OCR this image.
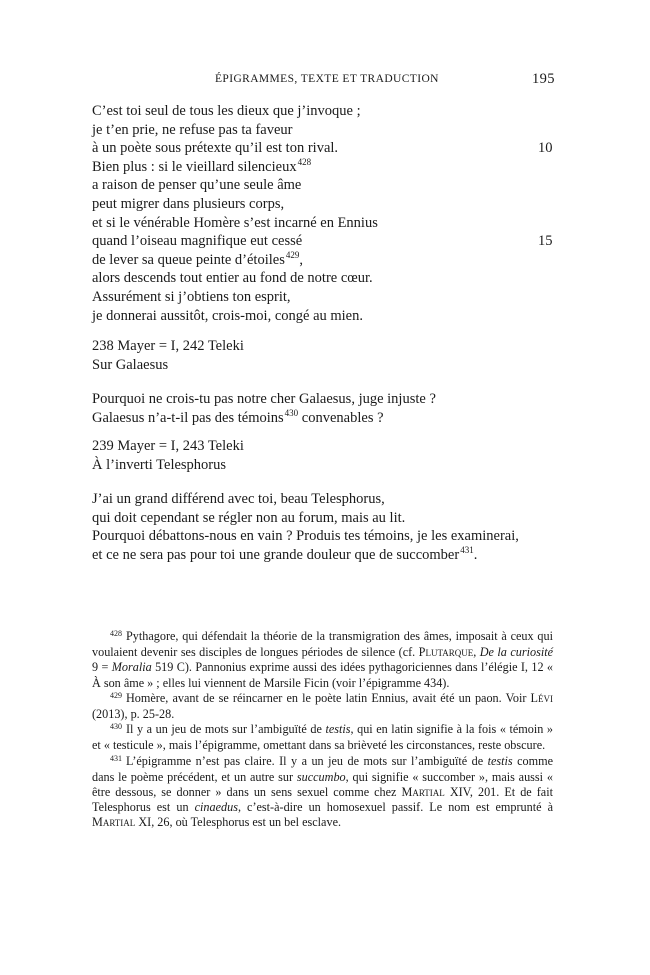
ÉPIGRAMMES, TEXTE ET TRADUCTION	195
C’est toi seul de tous les dieux que j’invoque ;
je t’en prie, ne refuse pas ta faveur
à un poète sous prétexte qu’il est ton rival.	10
Bien plus : si le vieillard silencieux$^{428}$
a raison de penser qu’une seule âme
peut migrer dans plusieurs corps,
et si le vénérable Homère s’est incarné en Ennius
quand l’oiseau magnifique eut cessé	15
de lever sa queue peinte d’étoiles$^{429}$,
alors descends tout entier au fond de notre cœur.
Assurément si j’obtiens ton esprit,
je donnerai aussitôt, crois-moi, congé au mien.
238 Mayer = I, 242 Teleki
Sur Galaesus
Pourquoi ne crois-tu pas notre cher Galaesus, juge injuste ?
Galaesus n’a-t-il pas des témoins$^{430}$ convenables ?
239 Mayer = I, 243 Teleki
À l’inverti Telesphorus
J’ai un grand différend avec toi, beau Telesphorus,
qui doit cependant se régler non au forum, mais au lit.
Pourquoi débattons-nous en vain ? Produis tes témoins, je les examinerai,
et ce ne sera pas pour toi une grande douleur que de succomber$^{431}$.

$^{428}$ Pythagore, qui défendait la théorie de la transmigration des âmes, imposait à ceux qui voulaient devenir ses disciples de longues périodes de silence (cf. Plutarque, De la curiosité 9 = Moralia 519 C). Pannonius exprime aussi des idées pythagoriciennes dans l’élégie I, 12 « À son âme » ; elles lui viennent de Marsile Ficin (voir l’épigramme 434).

$^{429}$ Homère, avant de se réincarner en le poète latin Ennius, avait été un paon. Voir Lévi (2013), p. 25-28.

$^{430}$ Il y a un jeu de mots sur l’ambiguïté de testis, qui en latin signifie à la fois « témoin » et « testicule », mais l’épigramme, omettant dans sa brièveté les circonstances, reste obscure.

$^{431}$ L’épigramme n’est pas claire. Il y a un jeu de mots sur l’ambiguïté de testis comme dans le poème précédent, et un autre sur succumbo, qui signifie « succomber », mais aussi « être dessous, se donner » dans un sens sexuel comme chez Martial XIV, 201. Et de fait Telesphorus est un cinaedus, c’est-à-dire un homosexuel passif. Le nom est emprunté à Martial XI, 26, où Telesphorus est un bel esclave.
